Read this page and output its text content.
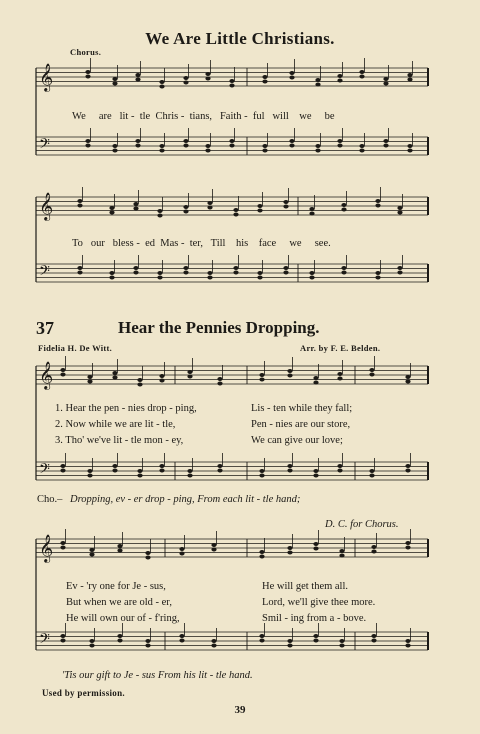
We Are Little Christians.
Chorus.
𝄞
𝄢
𝄞
𝄢
𝄞
𝄢
𝄞
𝄢
We are lit - tle Chris - tians, Faith - ful will we be
To our bless - ed Mas - ter, Till his face we see.
37	Hear the Pennies Dropping.
Fidelia H. De Witt.	Arr. by F. E. Belden.
1. Hear the pen - nies drop - ping,	Lis - ten while they fall;
2. Now while we are lit - tle,	Pen - nies are our store,
3. Tho' we've lit - tle mon - ey,	We can give our love;
Cho.– Dropping, ev - er drop - ping, From each lit - tle hand;
D. C. for Chorus.
Ev - 'ry one for Je - sus,	He will get them all.
But when we are old - er,	Lord, we'll give thee more.
He will own our of - f'ring,	Smil - ing from a - bove.
'Tis our gift to Je - sus From his lit - tle hand.
Used by permission.
39
